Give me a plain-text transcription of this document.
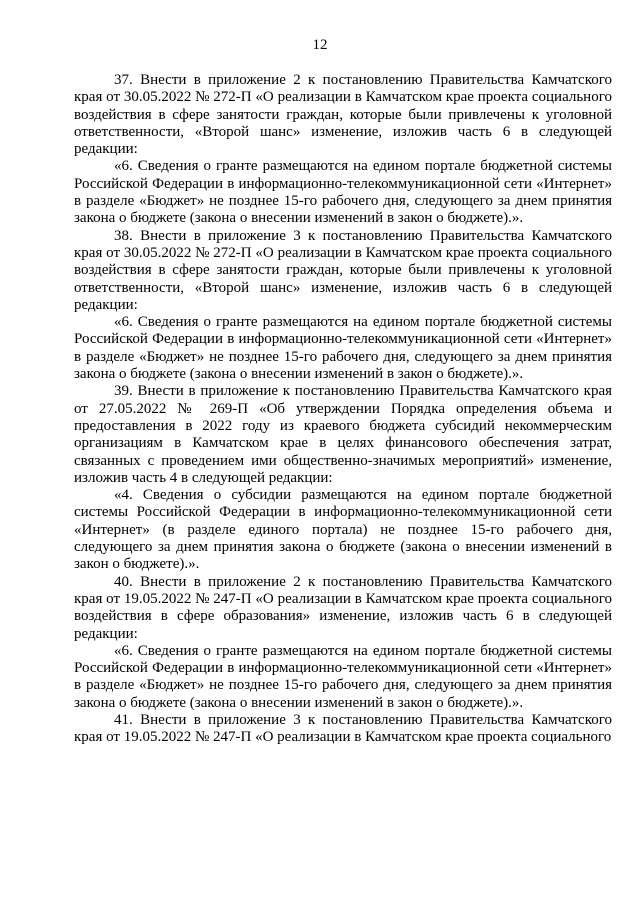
12

37. Внести в приложение 2 к постановлению Правительства Камчатского края от 30.05.2022 № 272-П «О реализации в Камчатском крае проекта социального воздействия в сфере занятости граждан, которые были привлечены к уголовной ответственности, «Второй шанс» изменение, изложив часть 6 в следующей редакции:

«6. Сведения о гранте размещаются на едином портале бюджетной системы Российской Федерации в информационно-телекоммуникационной сети «Интернет» в разделе «Бюджет» не позднее 15-го рабочего дня, следующего за днем принятия закона о бюджете (закона о внесении изменений в закон о бюджете).».

38. Внести в приложение 3 к постановлению Правительства Камчатского края от 30.05.2022 № 272-П «О реализации в Камчатском крае проекта социального воздействия в сфере занятости граждан, которые были привлечены к уголовной ответственности, «Второй шанс» изменение, изложив часть 6 в следующей редакции:

«6. Сведения о гранте размещаются на едином портале бюджетной системы Российской Федерации в информационно-телекоммуникационной сети «Интернет» в разделе «Бюджет» не позднее 15-го рабочего дня, следующего за днем принятия закона о бюджете (закона о внесении изменений в закон о бюджете).».

39. Внести в приложение к постановлению Правительства Камчатского края от 27.05.2022 № 269-П «Об утверждении Порядка определения объема и предоставления в 2022 году из краевого бюджета субсидий некоммерческим организациям в Камчатском крае в целях финансового обеспечения затрат, связанных с проведением ими общественно-значимых мероприятий» изменение, изложив часть 4 в следующей редакции:

«4. Сведения о субсидии размещаются на едином портале бюджетной системы Российской Федерации в информационно-телекоммуникационной сети «Интернет» (в разделе единого портала) не позднее 15-го рабочего дня, следующего за днем принятия закона о бюджете (закона о внесении изменений в закон о бюджете).».

40. Внести в приложение 2 к постановлению Правительства Камчатского края от 19.05.2022 № 247-П «О реализации в Камчатском крае проекта социального воздействия в сфере образования» изменение, изложив часть 6 в следующей редакции:

«6. Сведения о гранте размещаются на едином портале бюджетной системы Российской Федерации в информационно-телекоммуникационной сети «Интернет» в разделе «Бюджет» не позднее 15-го рабочего дня, следующего за днем принятия закона о бюджете (закона о внесении изменений в закон о бюджете).».

41. Внести в приложение 3 к постановлению Правительства Камчатского края от 19.05.2022 № 247-П «О реализации в Камчатском крае проекта социального
